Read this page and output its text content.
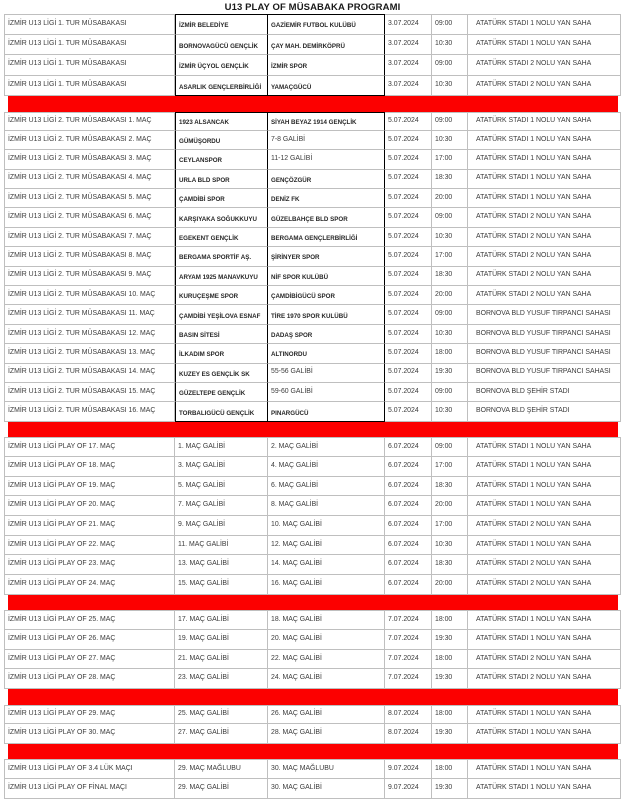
U13 PLAY OF MÜSABAKA PROGRAMI
İZMİR U13 LİGİ 1. TUR MÜSABAKASI	İZMİR BELEDİYE	GAZİEMİR FUTBOL KULÜBÜ	3.07.2024	09:00	ATATÜRK STADI 1 NOLU YAN SAHA
İZMİR U13 LİGİ 1. TUR MÜSABAKASI	BORNOVAGÜCÜ GENÇLİK	ÇAY MAH. DEMİRKÖPRÜ	3.07.2024	10:30	ATATÜRK STADI 1 NOLU YAN SAHA
İZMİR U13 LİGİ 1. TUR MÜSABAKASI	İZMİR ÜÇYOL GENÇLİK	İZMİR SPOR	3.07.2024	09:00	ATATÜRK STADI 2 NOLU YAN SAHA
İZMİR U13 LİGİ 1. TUR MÜSABAKASI	ASARLIK GENÇLERBİRLİĞİ	YAMAÇGÜCÜ	3.07.2024	10:30	ATATÜRK STADI 2 NOLU YAN SAHA
İZMİR U13 LİGİ 2. TUR MÜSABAKASI 1. MAÇ	1923 ALSANCAK	SİYAH BEYAZ 1914 GENÇLİK	5.07.2024	09:00	ATATÜRK STADI 1 NOLU YAN SAHA
İZMİR U13 LİGİ 2. TUR MÜSABAKASI 2. MAÇ	GÜMÜŞORDU	7-8 GALİBİ	5.07.2024	10:30	ATATÜRK STADI 1 NOLU YAN SAHA
İZMİR U13 LİGİ 2. TUR MÜSABAKASI 3. MAÇ	CEYLANSPOR	11-12 GALİBİ	5.07.2024	17:00	ATATÜRK STADI 1 NOLU YAN SAHA
İZMİR U13 LİGİ 2. TUR MÜSABAKASI 4. MAÇ	URLA BLD SPOR	GENÇÖZGÜR	5.07.2024	18:30	ATATÜRK STADI 1 NOLU YAN SAHA
İZMİR U13 LİGİ 2. TUR MÜSABAKASI 5. MAÇ	ÇAMDİBİ SPOR	DENİZ FK	5.07.2024	20:00	ATATÜRK STADI 1 NOLU YAN SAHA
İZMİR U13 LİGİ 2. TUR MÜSABAKASI 6. MAÇ	KARŞIYAKA SOĞUKKUYU	GÜZELBAHÇE BLD SPOR	5.07.2024	09:00	ATATÜRK STADI 2 NOLU YAN SAHA
İZMİR U13 LİGİ 2. TUR MÜSABAKASI 7. MAÇ	EGEKENT GENÇLİK	BERGAMA GENÇLERBİRLİĞİ	5.07.2024	10:30	ATATÜRK STADI 2 NOLU YAN SAHA
İZMİR U13 LİGİ 2. TUR MÜSABAKASI 8. MAÇ	BERGAMA SPORTİF AŞ.	ŞİRİNYER SPOR	5.07.2024	17:00	ATATÜRK STADI 2 NOLU YAN SAHA
İZMİR U13 LİGİ 2. TUR MÜSABAKASI 9. MAÇ	ARYAM 1925 MANAVKUYU	NİF SPOR KULÜBÜ	5.07.2024	18:30	ATATÜRK STADI 2 NOLU YAN SAHA
İZMİR U13 LİGİ 2. TUR MÜSABAKASI 10. MAÇ	KURUÇEŞME SPOR	ÇAMDİBİGÜCÜ SPOR	5.07.2024	20:00	ATATÜRK STADI 2 NOLU YAN SAHA
İZMİR U13 LİGİ 2. TUR MÜSABAKASI 11. MAÇ	ÇAMDİBİ YEŞİLOVA ESNAF	TİRE 1970 SPOR KULÜBÜ	5.07.2024	09:00	BORNOVA BLD YUSUF TIRPANCI SAHASI
İZMİR U13 LİGİ 2. TUR MÜSABAKASI 12. MAÇ	BASIN SİTESİ	DADAŞ SPOR	5.07.2024	10:30	BORNOVA BLD YUSUF TIRPANCI SAHASI
İZMİR U13 LİGİ 2. TUR MÜSABAKASI 13. MAÇ	İLKADIM SPOR	ALTINORDU	5.07.2024	18:00	BORNOVA BLD YUSUF TIRPANCI SAHASI
İZMİR U13 LİGİ 2. TUR MÜSABAKASI 14. MAÇ	KUZEY ES GENÇLİK SK	55-56 GALİBİ	5.07.2024	19:30	BORNOVA BLD YUSUF TIRPANCI SAHASI
İZMİR U13 LİGİ 2. TUR MÜSABAKASI 15. MAÇ	GÜZELTEPE GENÇLİK	59-60 GALİBİ	5.07.2024	09:00	BORNOVA BLD ŞEHİR STADI
İZMİR U13 LİGİ 2. TUR MÜSABAKASI 16. MAÇ	TORBALIGÜCÜ GENÇLİK	PINARGÜCÜ	5.07.2024	10:30	BORNOVA BLD ŞEHİR STADI
İZMİR U13 LİGİ PLAY OF 17. MAÇ	1. MAÇ GALİBİ	2. MAÇ GALİBİ	6.07.2024	09:00	ATATÜRK STADI 1 NOLU YAN SAHA
İZMİR U13 LİGİ PLAY OF 18. MAÇ	3. MAÇ GALİBİ	4. MAÇ GALİBİ	6.07.2024	17:00	ATATÜRK STADI 1 NOLU YAN SAHA
İZMİR U13 LİGİ PLAY OF 19. MAÇ	5. MAÇ GALİBİ	6. MAÇ GALİBİ	6.07.2024	18:30	ATATÜRK STADI 1 NOLU YAN SAHA
İZMİR U13 LİGİ PLAY OF 20. MAÇ	7. MAÇ GALİBİ	8. MAÇ GALİBİ	6.07.2024	20:00	ATATÜRK STADI 1 NOLU YAN SAHA
İZMİR U13 LİGİ PLAY OF 21. MAÇ	9. MAÇ GALİBİ	10. MAÇ GALİBİ	6.07.2024	17:00	ATATÜRK STADI 2 NOLU YAN SAHA
İZMİR U13 LİGİ PLAY OF 22. MAÇ	11. MAÇ GALİBİ	12. MAÇ GALİBİ	6.07.2024	10:30	ATATÜRK STADI 1 NOLU YAN SAHA
İZMİR U13 LİGİ PLAY OF 23. MAÇ	13. MAÇ GALİBİ	14. MAÇ GALİBİ	6.07.2024	18:30	ATATÜRK STADI 2 NOLU YAN SAHA
İZMİR U13 LİGİ PLAY OF 24. MAÇ	15. MAÇ GALİBİ	16. MAÇ GALİBİ	6.07.2024	20:00	ATATÜRK STADI 2 NOLU YAN SAHA
İZMİR U13 LİGİ PLAY OF 25. MAÇ	17. MAÇ GALİBİ	18. MAÇ GALİBİ	7.07.2024	18:00	ATATÜRK STADI 1 NOLU YAN SAHA
İZMİR U13 LİGİ PLAY OF 26. MAÇ	19. MAÇ GALİBİ	20. MAÇ GALİBİ	7.07.2024	19:30	ATATÜRK STADI 1 NOLU YAN SAHA
İZMİR U13 LİGİ PLAY OF 27. MAÇ	21. MAÇ GALİBİ	22. MAÇ GALİBİ	7.07.2024	18:00	ATATÜRK STADI 2 NOLU YAN SAHA
İZMİR U13 LİGİ PLAY OF 28. MAÇ	23. MAÇ GALİBİ	24. MAÇ GALİBİ	7.07.2024	19:30	ATATÜRK STADI 2 NOLU YAN SAHA
İZMİR U13 LİGİ PLAY OF 29. MAÇ	25. MAÇ GALİBİ	26. MAÇ GALİBİ	8.07.2024	18:00	ATATÜRK STADI 1 NOLU YAN SAHA
İZMİR U13 LİGİ PLAY OF 30. MAÇ	27. MAÇ GALİBİ	28. MAÇ GALİBİ	8.07.2024	19:30	ATATÜRK STADI 1 NOLU YAN SAHA
İZMİR U13 LİGİ PLAY OF 3.4 LÜK MAÇI	29. MAÇ MAĞLUBU	30. MAÇ MAĞLUBU	9.07.2024	18:00	ATATÜRK STADI 1 NOLU YAN SAHA
İZMİR U13 LİGİ PLAY OF FİNAL MAÇI	29. MAÇ GALİBİ	30. MAÇ GALİBİ	9.07.2024	19:30	ATATÜRK STADI 1 NOLU YAN SAHA
